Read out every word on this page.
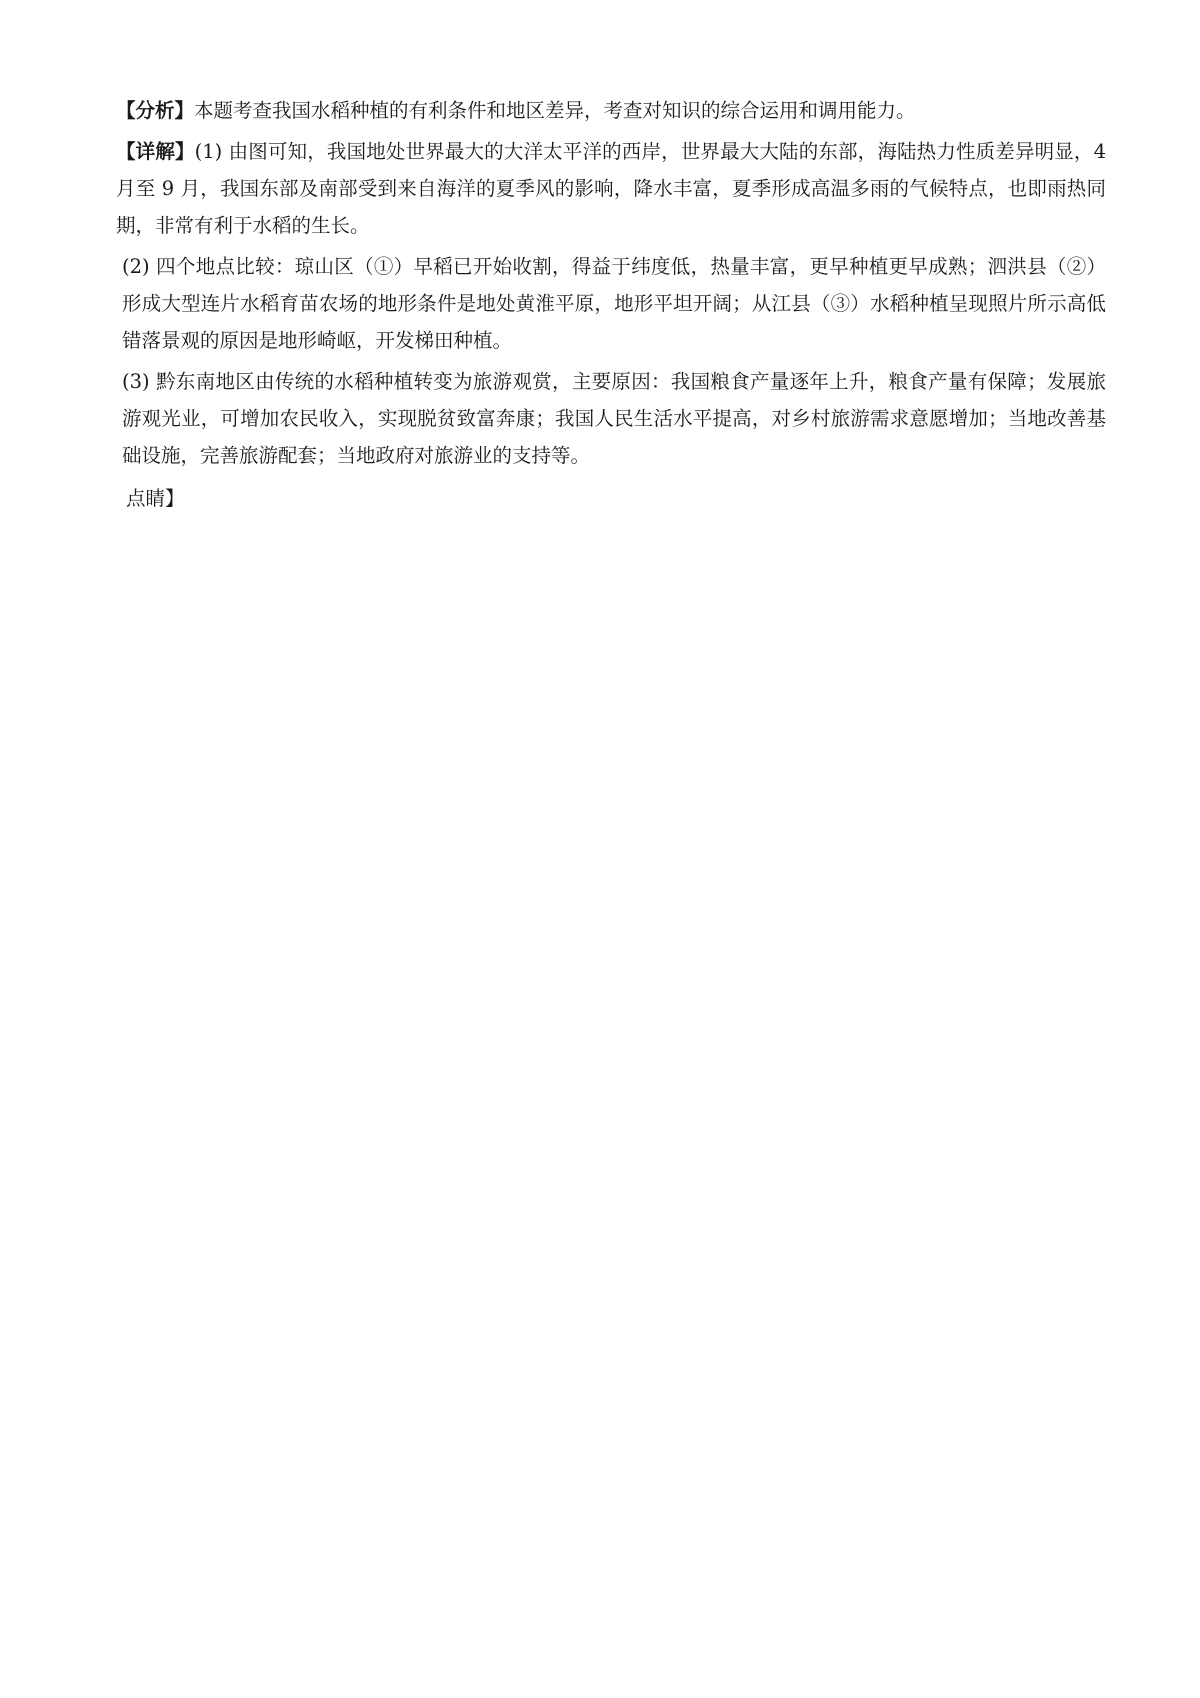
【分析】本题考查我国水稻种植的有利条件和地区差异，考查对知识的综合运用和调用能力。

【详解】(1) 由图可知，我国地处世界最大的大洋太平洋的西岸，世界最大大陆的东部，海陆热力性质差异明显，4 月至 9 月，我国东部及南部受到来自海洋的夏季风的影响，降水丰富，夏季形成高温多雨的气候特点，也即雨热同期，非常有利于水稻的生长。

(2) 四个地点比较：琼山区（①）早稻已开始收割，得益于纬度低，热量丰富，更早种植更早成熟；泗洪县（②）形成大型连片水稻育苗农场的地形条件是地处黄淮平原，地形平坦开阔；从江县（③）水稻种植呈现照片所示高低错落景观的原因是地形崎岖，开发梯田种植。

(3) 黔东南地区由传统的水稻种植转变为旅游观赏，主要原因：我国粮食产量逐年上升，粮食产量有保障；发展旅游观光业，可增加农民收入，实现脱贫致富奔康；我国人民生活水平提高，对乡村旅游需求意愿增加；当地改善基础设施，完善旅游配套；当地政府对旅游业的支持等。

点睛】
